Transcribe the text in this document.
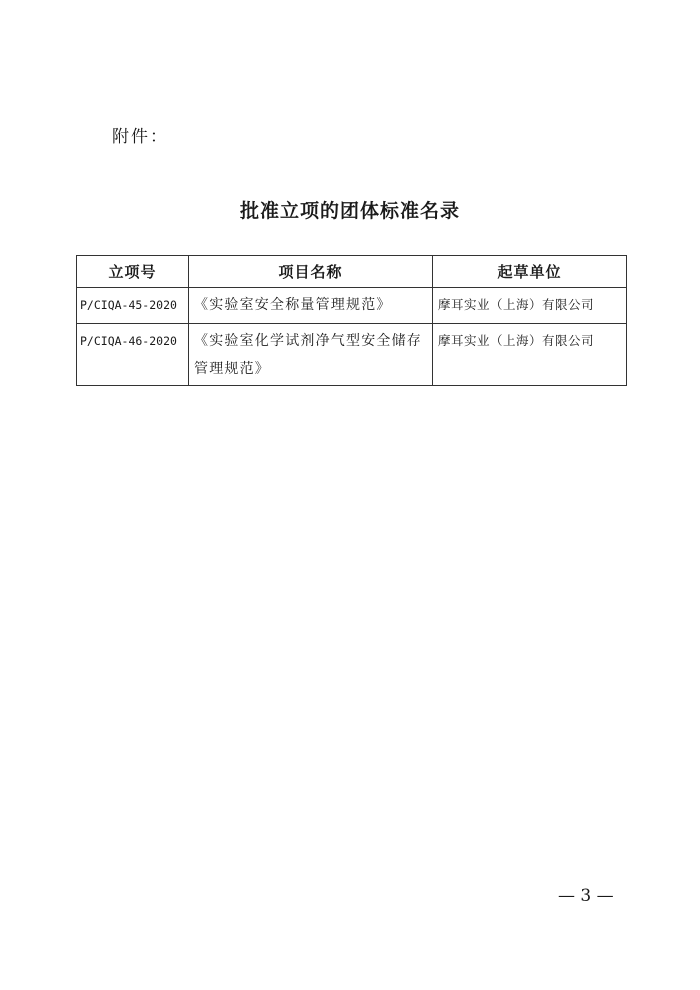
附件：
批准立项的团体标准名录
立项号	项目名称	起草单位
P/CIQA-45-2020	《实验室安全称量管理规范》	摩耳实业（上海）有限公司
P/CIQA-46-2020	《实验室化学试剂净气型安全储存管理规范》	摩耳实业（上海）有限公司
— 3 —
